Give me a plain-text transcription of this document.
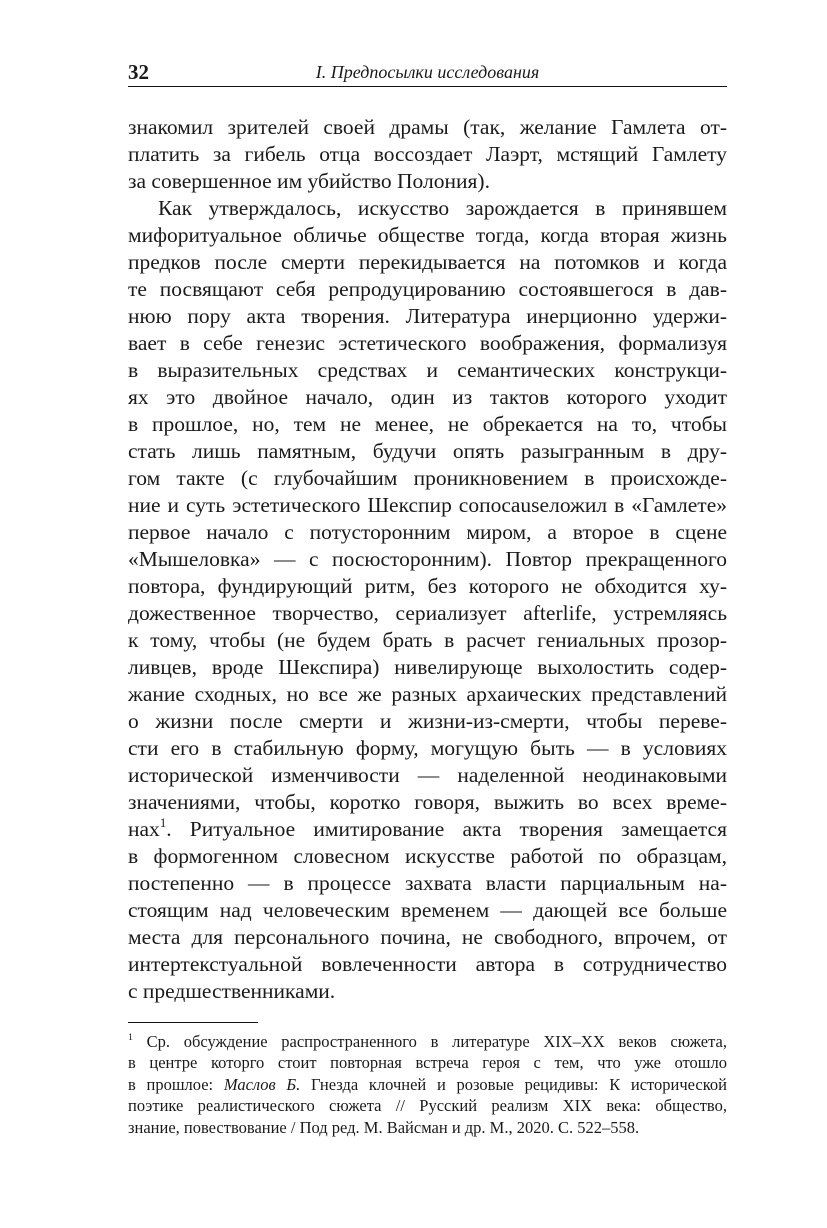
32	I. Предпосылки исследования
знакомил зрителей своей драмы (так, желание Гамлета от-
платить за гибель отца воссоздает Лаэрт, мстящий Гамлету
за совершенное им убийство Полония).
Как утверждалось, искусство зарождается в принявшем
мифоритуальное обличье обществе тогда, когда вторая жизнь
предков после смерти перекидывается на потомков и когда
те посвящают себя репродуцированию состоявшегося в дав-
нюю пору акта творения. Литература инерционно удержи-
вает в себе генезис эстетического воображения, формализуя
в выразительных средствах и семантических конструкци-
ях это двойное начало, один из тактов которого уходит
в прошлое, но, тем не менее, не обрекается на то, чтобы
стать лишь памятным, будучи опять разыгранным в дру-
гом такте (с глубочайшим проникновением в происхожде-
ние и суть эстетического Шекспир сопоcauseложил в «Гамлете»
первое начало с потусторонним миром, а второе в сцене
«Мышеловка» — с посюсторонним). Повтор прекращенного
повтора, фундирующий ритм, без которого не обходится ху-
дожественное творчество, сериализует afterlife, устремляясь
к тому, чтобы (не будем брать в расчет гениальных прозор-
ливцев, вроде Шекспира) нивелирующе выхолостить содер-
жание сходных, но все же разных архаических представлений
о жизни после смерти и жизни-из-смерти, чтобы переве-
сти его в стабильную форму, могущую быть — в условиях
исторической изменчивости — наделенной неодинаковыми
значениями, чтобы, коротко говоря, выжить во всех време-
нах$^1$. Ритуальное имитирование акта творения замещается
в формогенном словесном искусстве работой по образцам,
постепенно — в процессе захвата власти парциальным на-
стоящим над человеческим временем — дающей все больше
места для персонального почина, не свободного, впрочем, от
интертекстуальной вовлеченности автора в сотрудничество
с предшественниками.
$^1$ Ср. обсуждение распространенного в литературе XIX–XX веков сюжета,
в центре которго стоит повторная встреча героя с тем, что уже отошло
в прошлое: Маслов Б. Гнезда клочней и розовые рецидивы: К исторической
поэтике реалистического сюжета // Русский реализм XIX века: общество,
знание, повествование / Под ред. М. Вайсман и др. М., 2020. С. 522–558.
